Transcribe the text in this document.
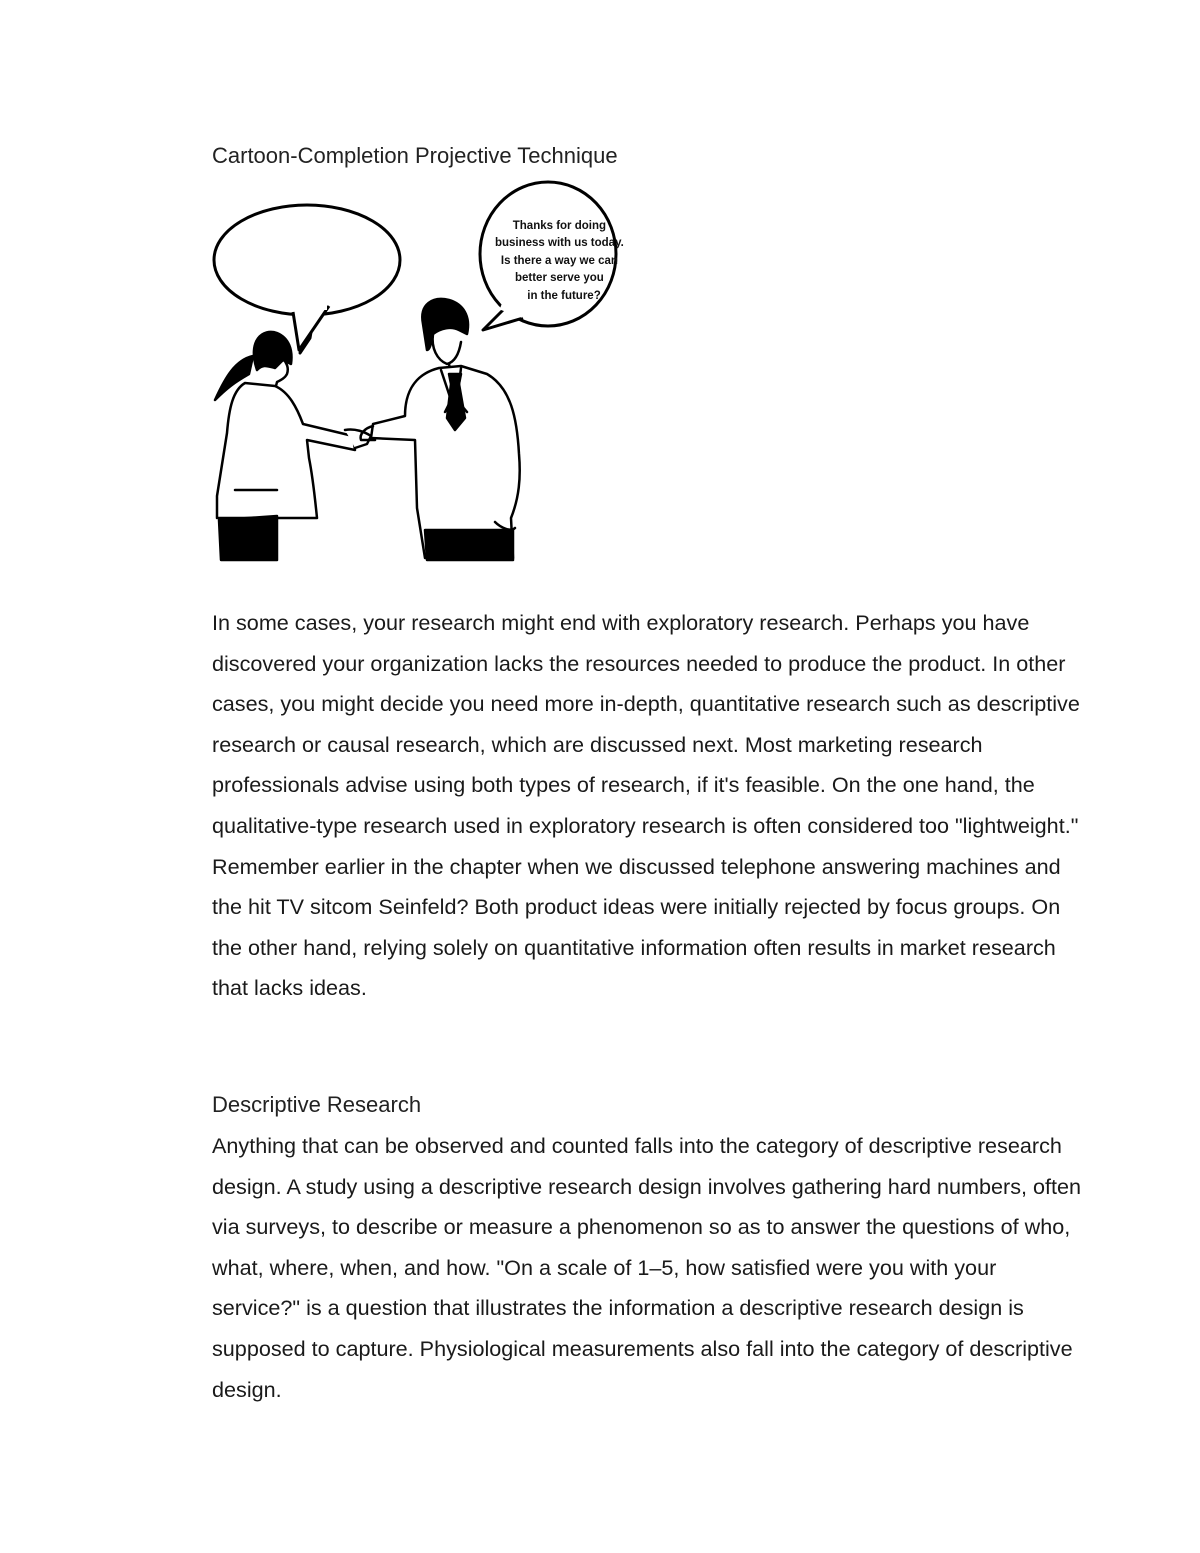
Cartoon-Completion Projective Technique
Thanks for doing business with us today. Is there a way we can better serve you in the future?

In some cases, your research might end with exploratory research. Perhaps you have discovered your organization lacks the resources needed to produce the product. In other cases, you might decide you need more in-depth, quantitative research such as descriptive research or causal research, which are discussed next. Most marketing research professionals advise using both types of research, if it's feasible. On the one hand, the qualitative-type research used in exploratory research is often considered too "lightweight." Remember earlier in the chapter when we discussed telephone answering machines and the hit TV sitcom Seinfeld? Both product ideas were initially rejected by focus groups. On the other hand, relying solely on quantitative information often results in market research that lacks ideas.

Descriptive Research

Anything that can be observed and counted falls into the category of descriptive research design. A study using a descriptive research design involves gathering hard numbers, often via surveys, to describe or measure a phenomenon so as to answer the questions of who, what, where, when, and how. "On a scale of 1–5, how satisfied were you with your service?" is a question that illustrates the information a descriptive research design is supposed to capture. Physiological measurements also fall into the category of descriptive design.
